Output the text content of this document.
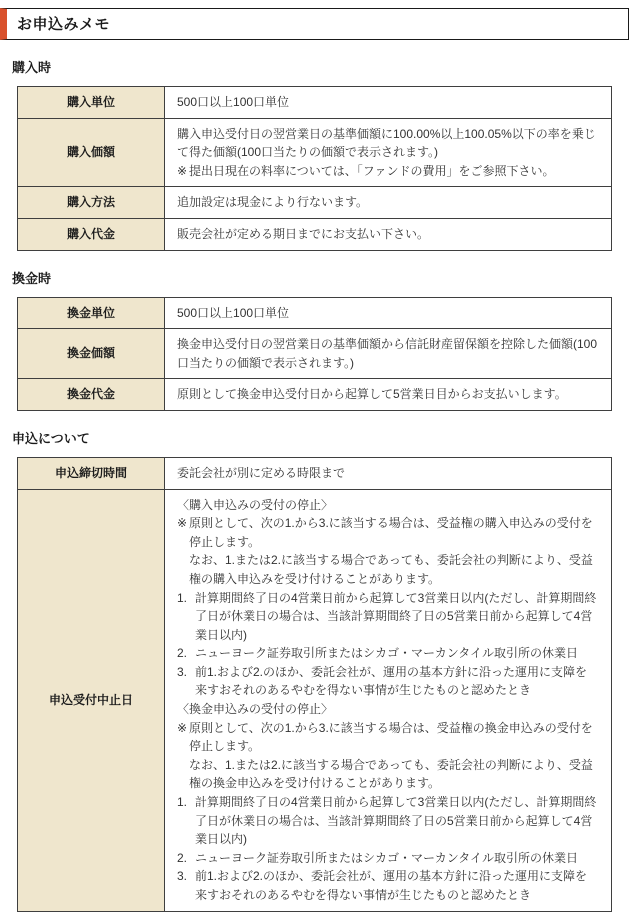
お申込みメモ
購入時
購入単位	500口以上100口単位
購入価額	購入申込受付日の翌営業日の基準価額に100.00%以上100.05%以下の率を乗じて得た価額(100口当たりの価額で表示されます。)

※ 提出日現在の料率については、「ファンドの費用」をご参照下さい。

購入方法	追加設定は現金により行ないます。
購入代金	販売会社が定める期日までにお支払い下さい。
換金時
換金単位	500口以上100口単位
換金価額	換金申込受付日の翌営業日の基準価額から信託財産留保額を控除した価額(100口当たりの価額で表示されます。)
換金代金	原則として換金申込受付日から起算して5営業日目からお支払いします。
申込について
申込締切時間	委託会社が別に定める時限まで
申込受付中止日	

〈購入申込みの受付の停止〉

※ 原則として、次の1.から3.に該当する場合は、受益権の購入申込みの受付を停止します。

なお、1.または2.に該当する場合であっても、委託会社の判断により、受益権の購入申込みを受け付けることがあります。

1. 計算期間終了日の4営業日前から起算して3営業日以内(ただし、計算期間終了日が休業日の場合は、当該計算期間終了日の5営業日前から起算して4営業日以内)

2. ニューヨーク証券取引所またはシカゴ・マーカンタイル取引所の休業日

3. 前1.および2.のほか、委託会社が、運用の基本方針に沿った運用に支障を来すおそれのあるやむを得ない事情が生じたものと認めたとき

〈換金申込みの受付の停止〉

※ 原則として、次の1.から3.に該当する場合は、受益権の換金申込みの受付を停止します。

なお、1.または2.に該当する場合であっても、委託会社の判断により、受益権の換金申込みを受け付けることがあります。

1. 計算期間終了日の4営業日前から起算して3営業日以内(ただし、計算期間終了日が休業日の場合は、当該計算期間終了日の5営業日前から起算して4営業日以内)

2. ニューヨーク証券取引所またはシカゴ・マーカンタイル取引所の休業日

3. 前1.および2.のほか、委託会社が、運用の基本方針に沿った運用に支障を来すおそれのあるやむを得ない事情が生じたものと認めたとき
